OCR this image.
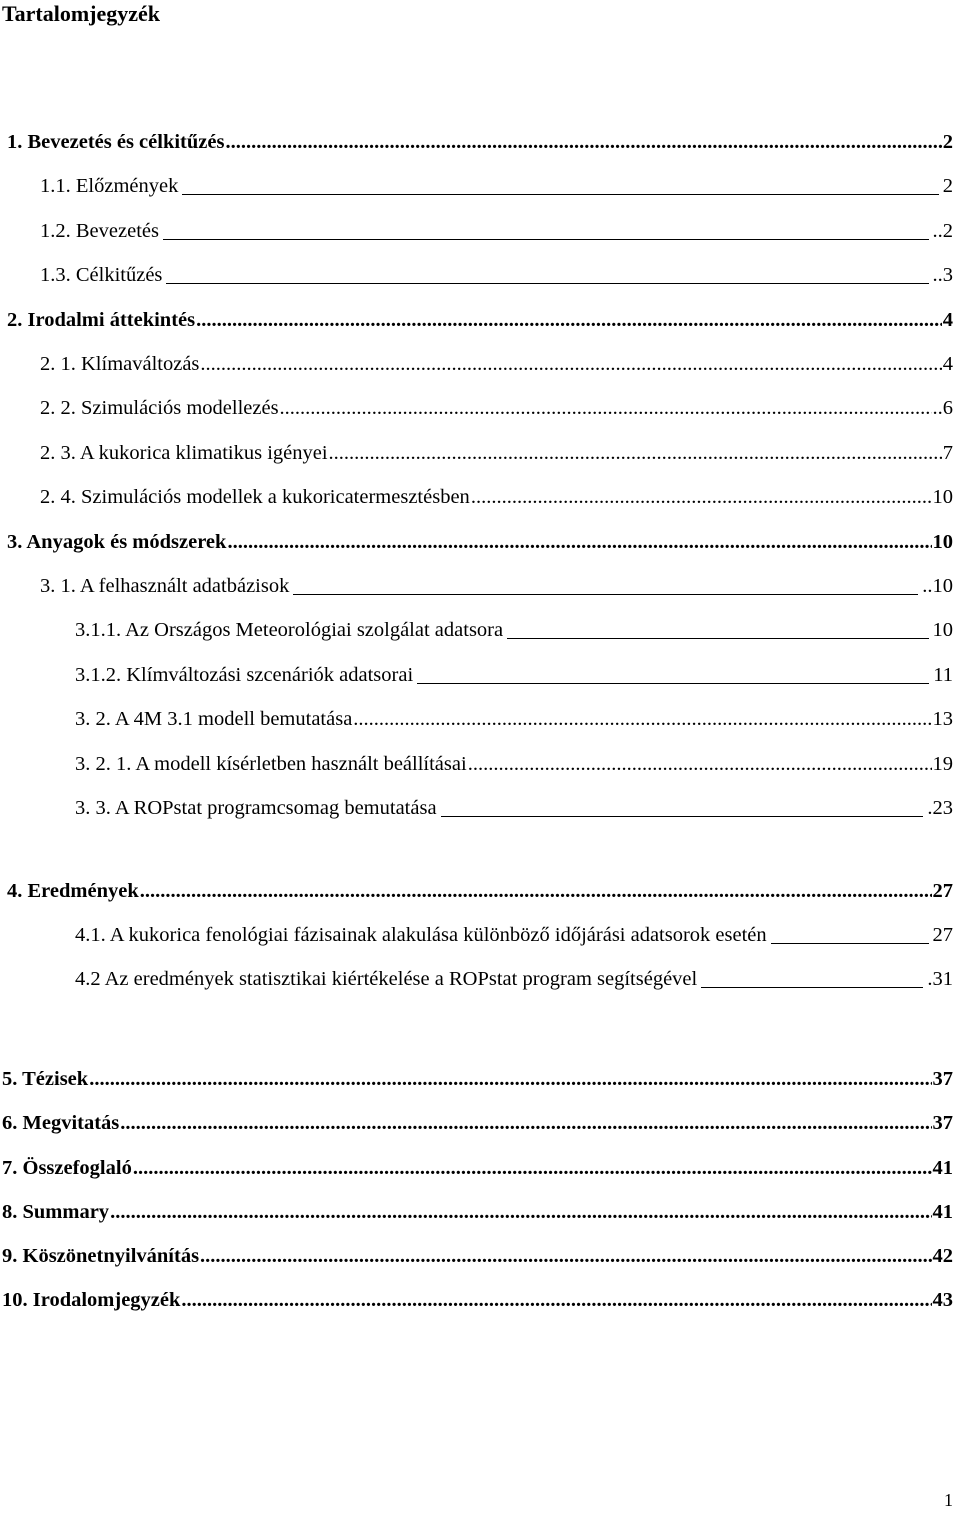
Tartalomjegyzék
1. Bevezetés és célkitűzés .....	2
1.1. Előzmények	2
1.2. Bevezetés	..2
1.3. Célkitűzés	..3
2. Irodalmi áttekintés .....	4
2. 1. Klímaváltozás .....	4
2. 2. Szimulációs modellezés .....	..6
2. 3. A kukorica klimatikus igényei .....	7
2. 4. Szimulációs modellek a kukoricatermesztésben .....	10
3. Anyagok és módszerek .....	10
3. 1. A felhasznált adatbázisok	..10
3.1.1. Az Országos Meteorológiai szolgálat adatsora	10
3.1.2. Klímváltozási szcenáriók adatsorai	11
3. 2. A 4M 3.1 modell bemutatása .....	13
3. 2. 1. A modell kísérletben használt beállításai .....	19
3. 3. A ROPstat programcsomag bemutatása	.23
4. Eredmények .....	27
4.1. A kukorica fenológiai fázisainak alakulása különböző időjárási adatsorok esetén	27
4.2 Az eredmények statisztikai kiértékelése a ROPstat program segítségével	.31
5. Tézisek .....	37
6. Megvitatás .....	37
7. Összefoglaló .....	41
8. Summary .....	41
9. Köszönetnyilvánítás .....	42
10. Irodalomjegyzék .....	43
1
